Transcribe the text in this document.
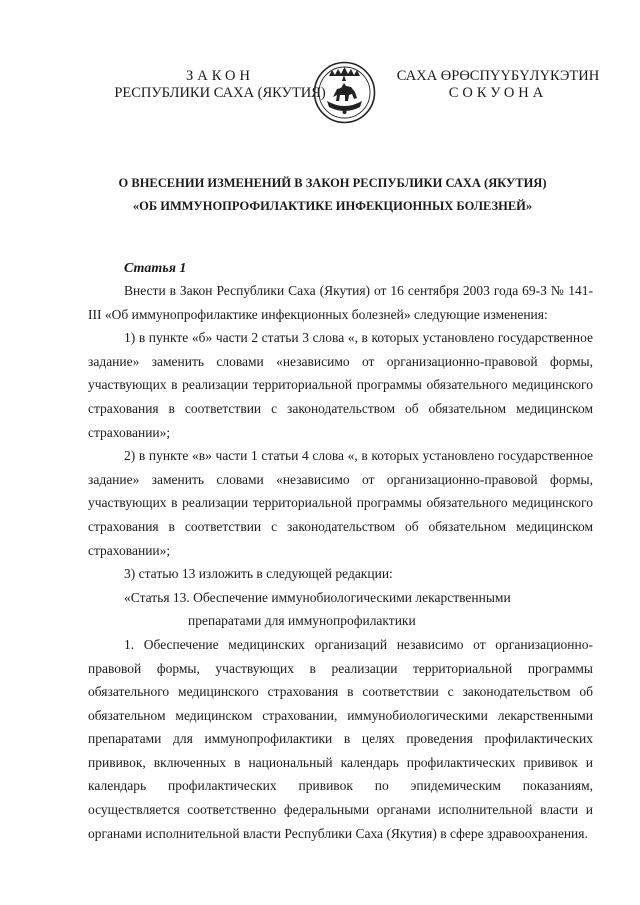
ЗАКОН
РЕСПУБЛИКИ САХА (ЯКУТИЯ)
САХА ӨРӨСПҮҮБҮЛҮКЭТИН
СОКУОНА
О ВНЕСЕНИИ ИЗМЕНЕНИЙ В ЗАКОН РЕСПУБЛИКИ САХА (ЯКУТИЯ)
«ОБ ИММУНОПРОФИЛАКТИКЕ ИНФЕКЦИОННЫХ БОЛЕЗНЕЙ»
Статья 1

Внести в Закон Республики Саха (Якутия) от 16 сентября 2003 года 69-З № 141-III «Об иммунопрофилактике инфекционных болезней» следующие изменения:

1) в пункте «б» части 2 статьи 3 слова «, в которых установлено государственное задание» заменить словами «независимо от организационно-правовой формы, участвующих в реализации территориальной программы обязательного медицинского страхования в соответствии с законодательством об обязательном медицинском страховании»;

2) в пункте «в» части 1 статьи 4 слова «, в которых установлено государственное задание» заменить словами «независимо от организационно-правовой формы, участвующих в реализации территориальной программы обязательного медицинского страхования в соответствии с законодательством об обязательном медицинском страховании»;

3) статью 13 изложить в следующей редакции:

«Статья 13. Обеспечение иммунобиологическими лекарственными

препаратами для иммунопрофилактики

1. Обеспечение медицинских организаций независимо от организационно-правовой формы, участвующих в реализации территориальной программы обязательного медицинского страхования в соответствии с законодательством об обязательном медицинском страховании, иммунобиологическими лекарственными препаратами для иммунопрофилактики в целях проведения профилактических прививок, включенных в национальный календарь профилактических прививок и календарь профилактических прививок по эпидемическим показаниям, осуществляется соответственно федеральными органами исполнительной власти и органами исполнительной власти Республики Саха (Якутия) в сфере здравоохранения.
